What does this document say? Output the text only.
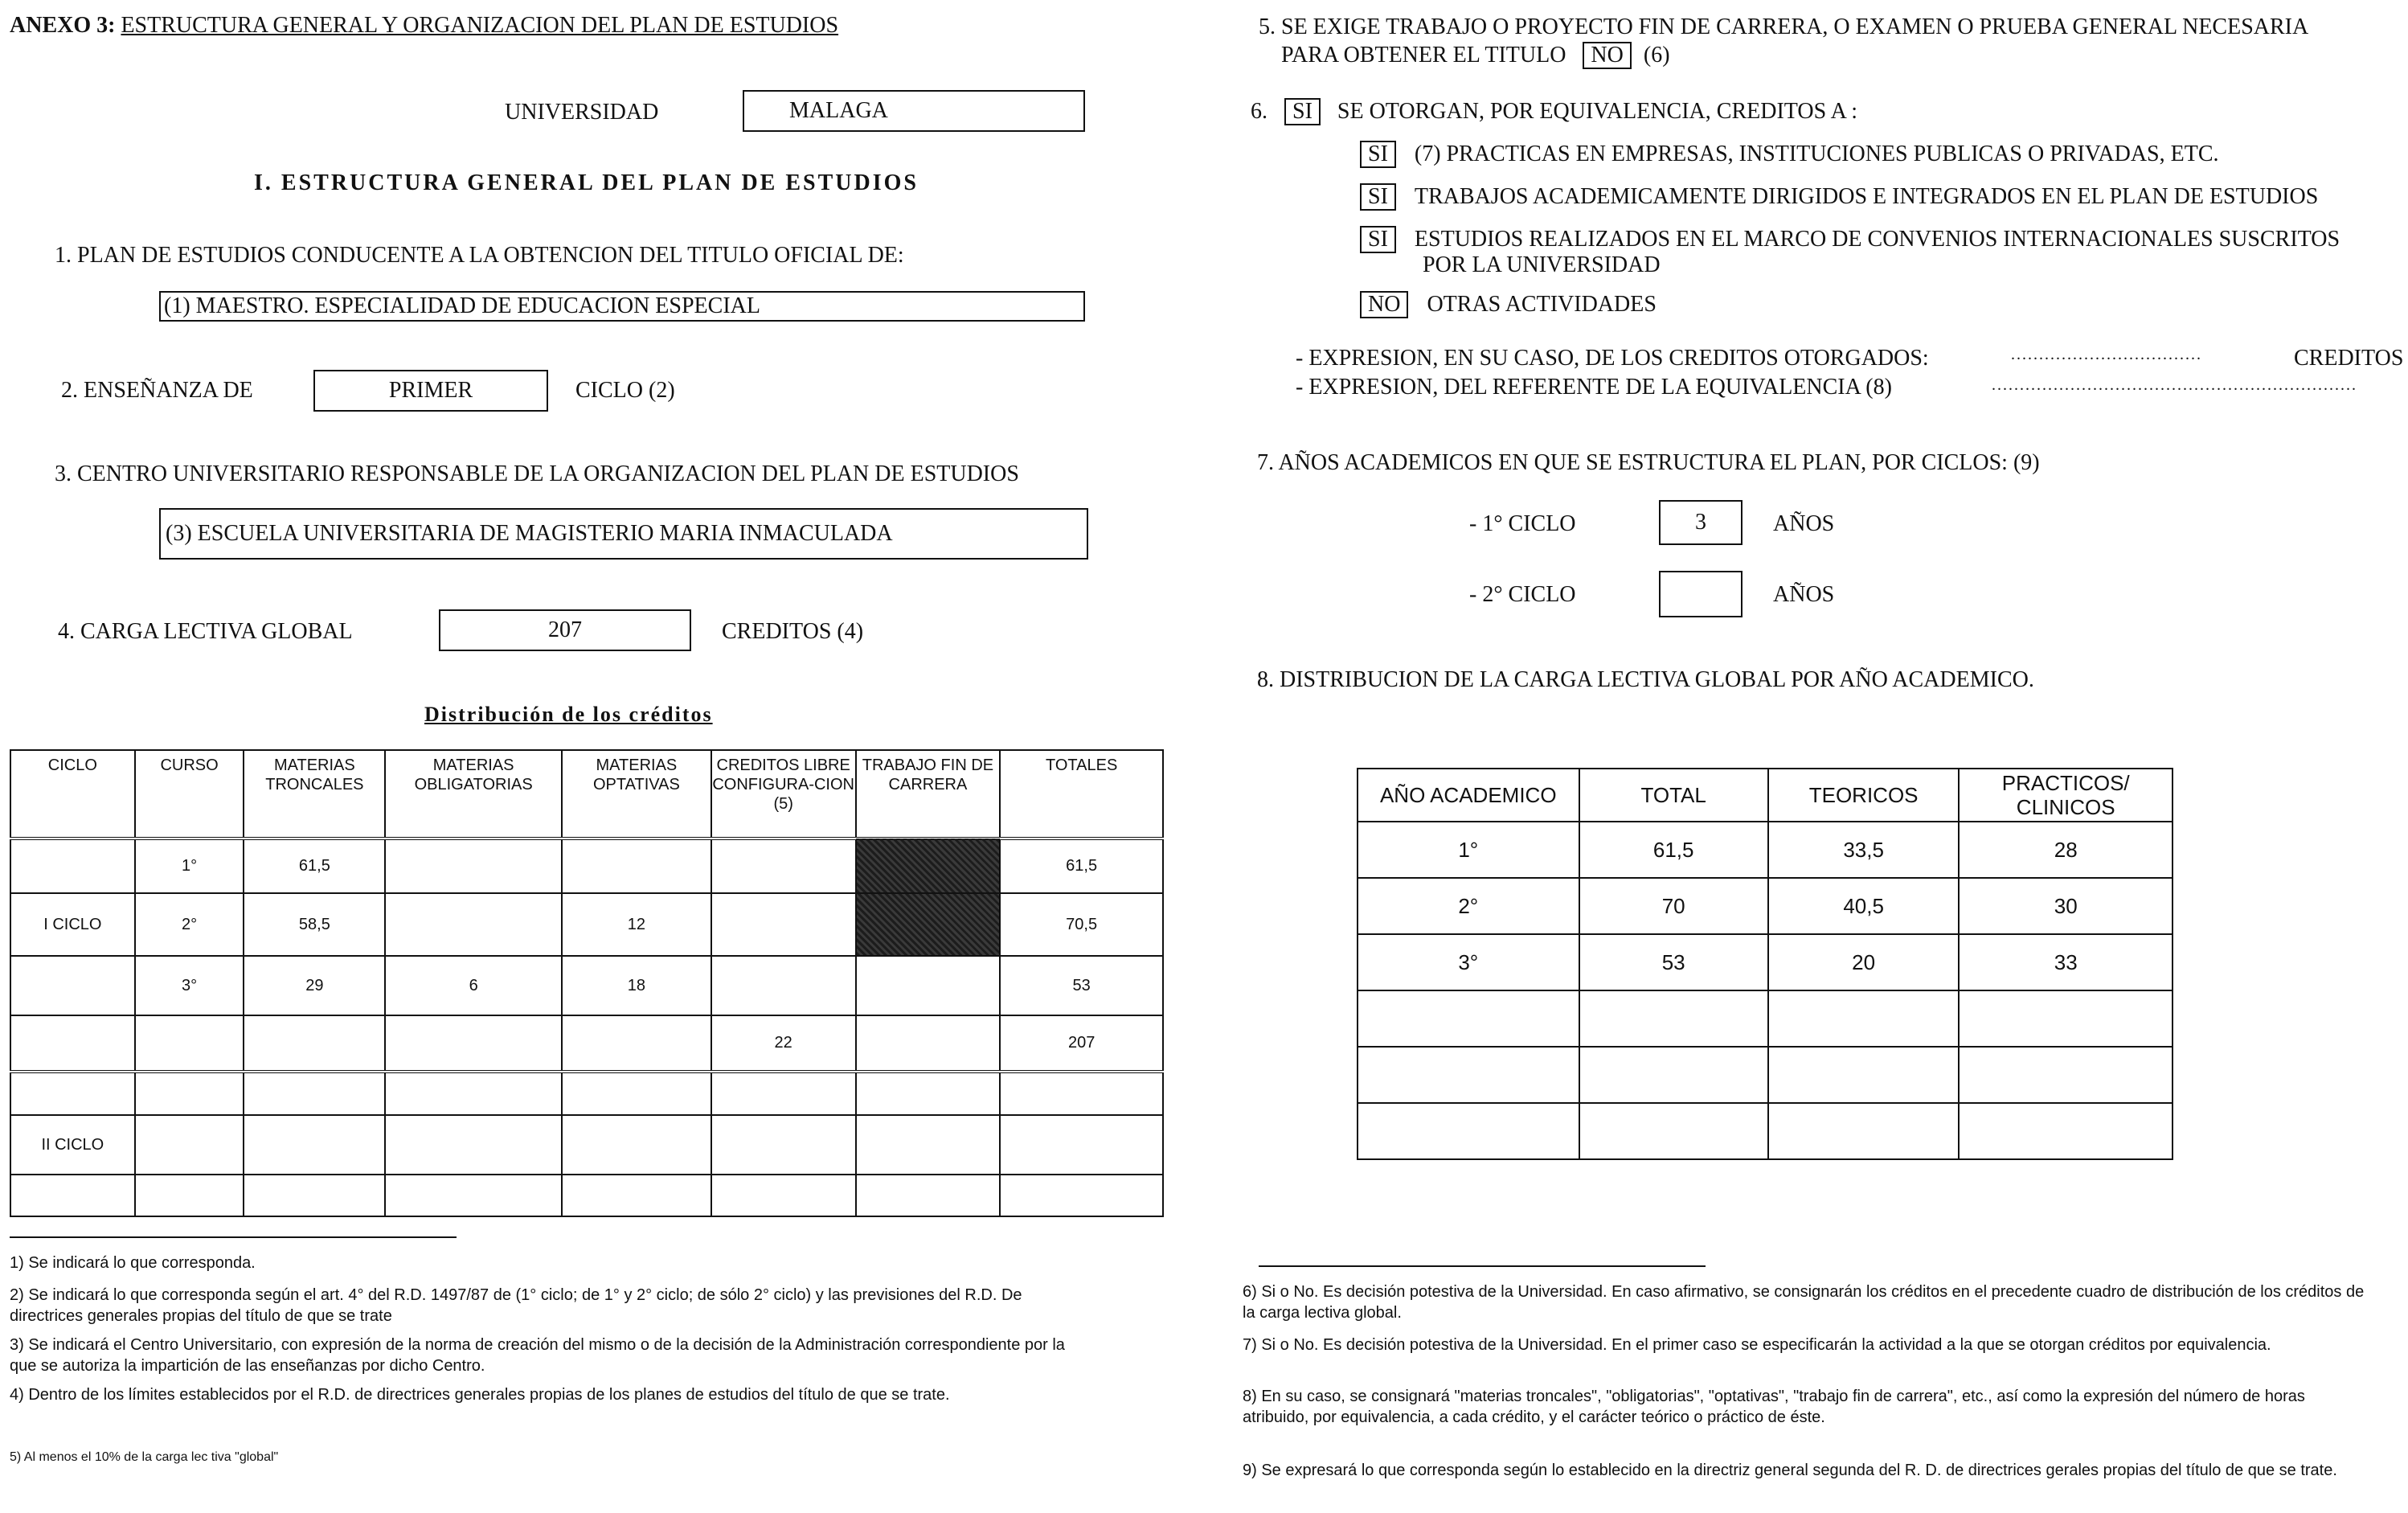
ANEXO 3: ESTRUCTURA GENERAL Y ORGANIZACION DEL PLAN DE ESTUDIOS
UNIVERSIDAD	MALAGA
I. ESTRUCTURA GENERAL DEL PLAN DE ESTUDIOS
1. PLAN DE ESTUDIOS CONDUCENTE A LA OBTENCION DEL TITULO OFICIAL DE:
(1) MAESTRO. ESPECIALIDAD DE EDUCACION ESPECIAL
2. ENSEÑANZA DE	PRIMER	CICLO (2)
3. CENTRO UNIVERSITARIO RESPONSABLE DE LA ORGANIZACION DEL PLAN DE ESTUDIOS
(3) ESCUELA UNIVERSITARIA DE MAGISTERIO MARIA INMACULADA
4. CARGA LECTIVA GLOBAL	207	CREDITOS (4)
Distribución de los créditos
CICLO	CURSO	MATERIAS TRONCALES	MATERIAS OBLIGATORIAS	MATERIAS OPTATIVAS	CREDITOS LIBRE CONFIGURA-CION (5)	TRABAJO FIN DE CARRERA	TOTALES
	1°	61,5					61,5
I CICLO	2°	58,5		12			70,5
	3°	29	6	18			53
					22		207

II CICLO							

1) Se indicará lo que corresponda.
2) Se indicará lo que corresponda según el art. 4° del R.D. 1497/87 de (1° ciclo; de 1° y 2° ciclo; de sólo 2° ciclo) y las previsiones del R.D. De directrices generales propias del título de que se trate
3) Se indicará el Centro Universitario, con expresión de la norma de creación del mismo o de la decisión de la Administración correspondiente por la que se autoriza la impartición de las enseñanzas por dicho Centro.
4) Dentro de los límites establecidos por el R.D. de directrices generales propias de los planes de estudios del título de que se trate.
5) Al menos el 10% de la carga lec tiva "global"
5. SE EXIGE TRABAJO O PROYECTO FIN DE CARRERA, O EXAMEN O PRUEBA GENERAL NECESARIA
PARA OBTENER EL TITULO NO (6)
6. SI SE OTORGAN, POR EQUIVALENCIA, CREDITOS A :
SI (7) PRACTICAS EN EMPRESAS, INSTITUCIONES PUBLICAS O PRIVADAS, ETC.
SI TRABAJOS ACADEMICAMENTE DIRIGIDOS E INTEGRADOS EN EL PLAN DE ESTUDIOS
SI ESTUDIOS REALIZADOS EN EL MARCO DE CONVENIOS INTERNACIONALES SUSCRITOS
POR LA UNIVERSIDAD
NO OTRAS ACTIVIDADES
- EXPRESION, EN SU CASO, DE LOS CREDITOS OTORGADOS:	..................................	CREDITOS
- EXPRESION, DEL REFERENTE DE LA EQUIVALENCIA (8)	.................................................................
7. AÑOS ACADEMICOS EN QUE SE ESTRUCTURA EL PLAN, POR CICLOS: (9)
- 1° CICLO	3	AÑOS
- 2° CICLO	AÑOS
8. DISTRIBUCION DE LA CARGA LECTIVA GLOBAL POR AÑO ACADEMICO.
AÑO ACADEMICO	TOTAL	TEORICOS	PRACTICOS/ CLINICOS
1°	61,5	33,5	28
2°	70	40,5	30
3°	53	20	33

6) Si o No. Es decisión potestiva de la Universidad. En caso afirmativo, se consignarán los créditos en el precedente cuadro de distribución de los créditos de la carga lectiva global.
7) Si o No. Es decisión potestiva de la Universidad. En el primer caso se especificarán la actividad a la que se otorgan créditos por equivalencia.
8) En su caso, se consignará "materias troncales", "obligatorias", "optativas", "trabajo fin de carrera", etc., así como la expresión del número de horas atribuido, por equivalencia, a cada crédito, y el carácter teórico o práctico de éste.
9) Se expresará lo que corresponda según lo establecido en la directriz general segunda del R. D. de directrices gerales propias del título de que se trate.
